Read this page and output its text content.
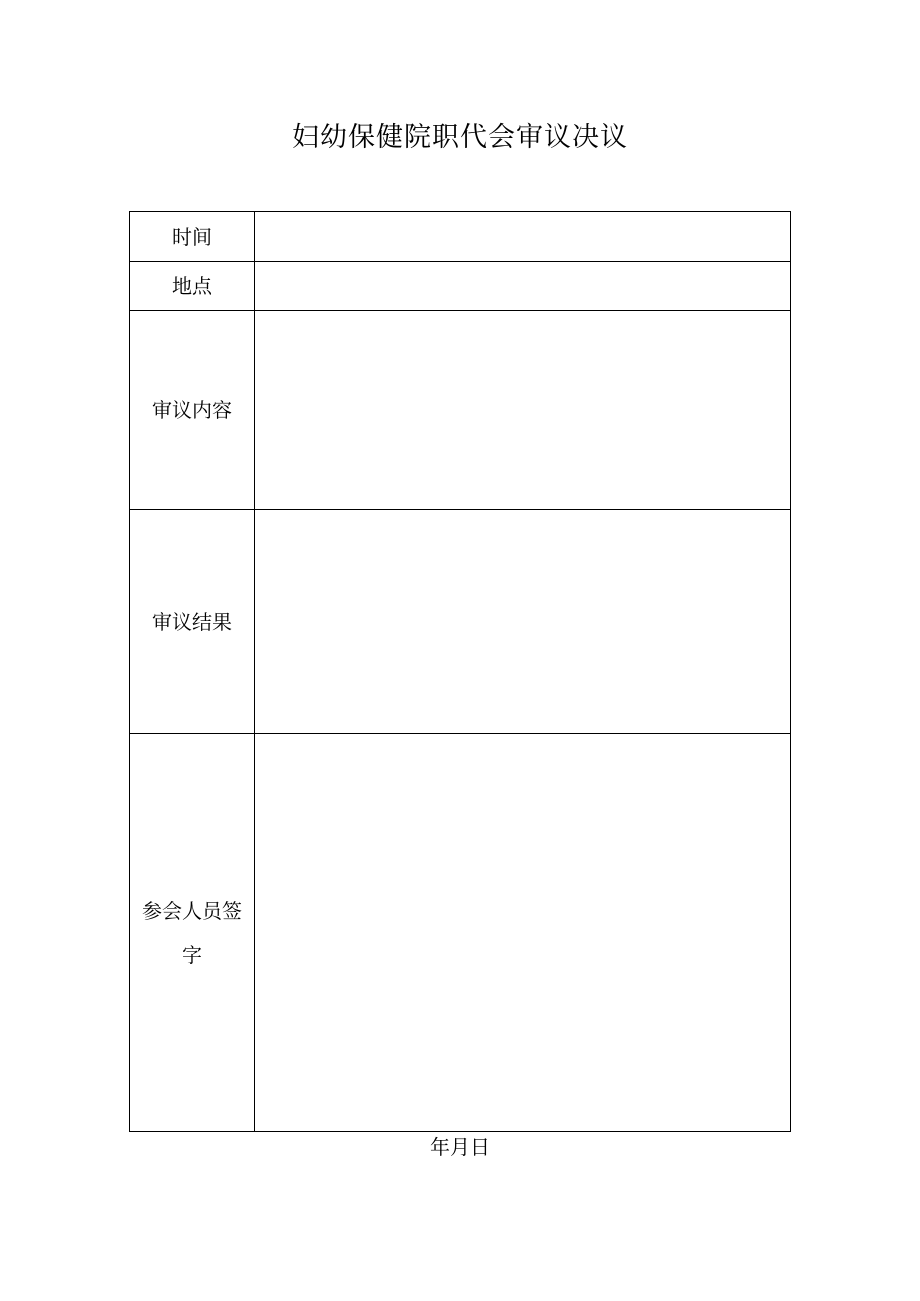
妇幼保健院职代会审议决议
时间	
地点	
审议内容	
审议结果	
参会人员签字	
年月日
